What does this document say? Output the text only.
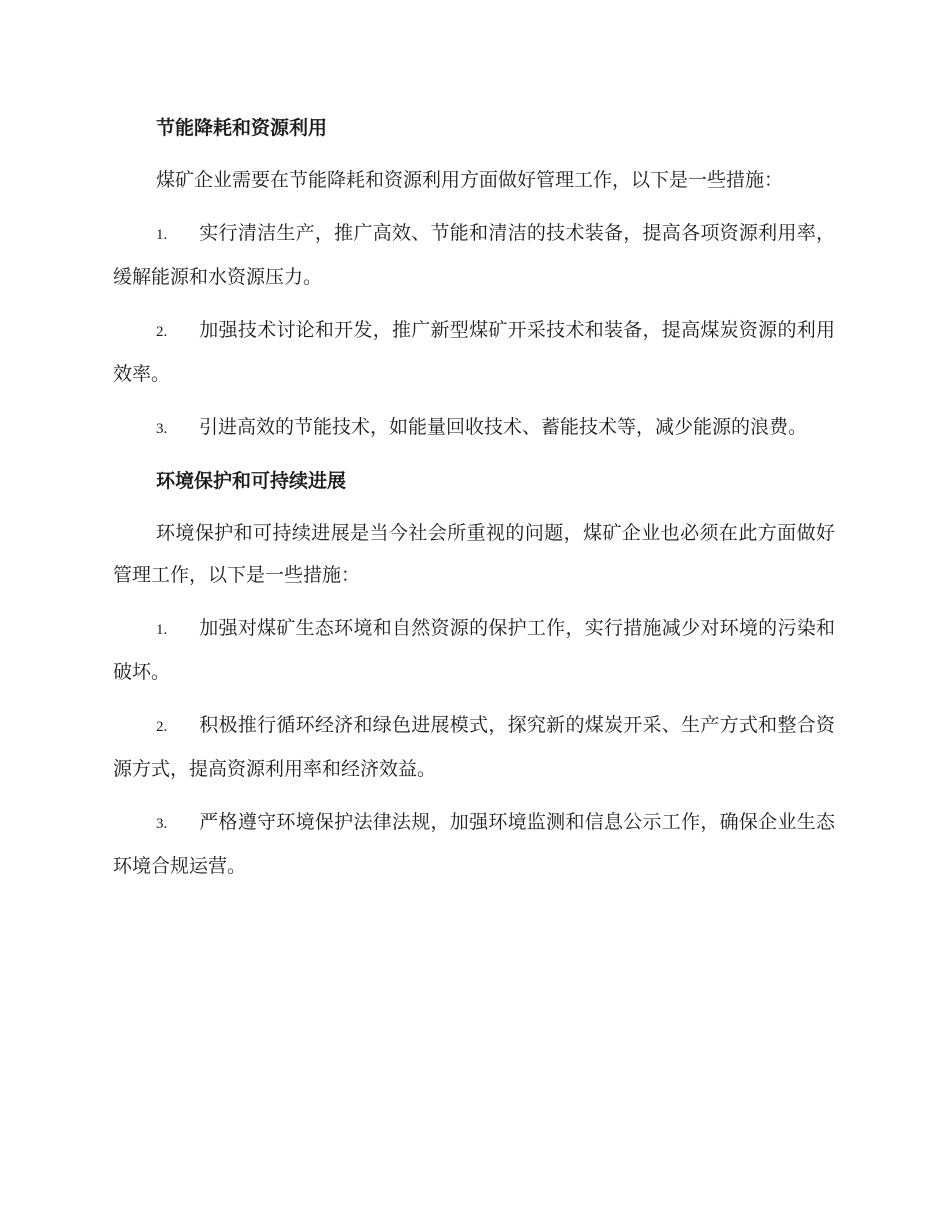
节能降耗和资源利用

煤矿企业需要在节能降耗和资源利用方面做好管理工作，以下是一些措施：

1. 实行清洁生产，推广高效、节能和清洁的技术装备，提高各项资源利用率，缓解能源和水资源压力。

2. 加强技术讨论和开发，推广新型煤矿开采技术和装备，提高煤炭资源的利用效率。

3. 引进高效的节能技术，如能量回收技术、蓄能技术等，减少能源的浪费。

环境保护和可持续进展

环境保护和可持续进展是当今社会所重视的问题，煤矿企业也必须在此方面做好管理工作，以下是一些措施：

1. 加强对煤矿生态环境和自然资源的保护工作，实行措施减少对环境的污染和破坏。

2. 积极推行循环经济和绿色进展模式，探究新的煤炭开采、生产方式和整合资源方式，提高资源利用率和经济效益。

3. 严格遵守环境保护法律法规，加强环境监测和信息公示工作，确保企业生态环境合规运营。
